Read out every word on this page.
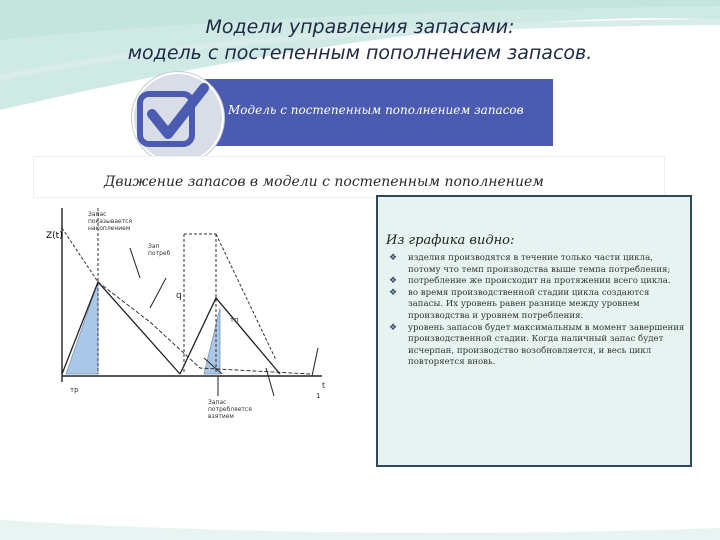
Модели управления запасами:
модель с постепенным пополнением запасов.
Модель с постепенным пополнением запасов
Движение запасов в модели с постепенным пополнением
Z(t)
Запас показывается накоплением
Зап потреб
q
тр
тп
t
1
Запас потребляется взятием
Из графика видно:
❖ изделия производятся в течение только части цикла, потому что темп производства выше темпа потребления;
❖ потребление же происходит на протяжении всего цикла.
❖ во время производственной стадии цикла создаются запасы. Их уровень равен разнице между уровнем производства и уровнем потребления.
❖ уровень запасов будет максимальным в момент завершения производственной стадии. Когда наличный запас будет исчерпан, производство возобновляется, и весь цикл повторяется вновь.
